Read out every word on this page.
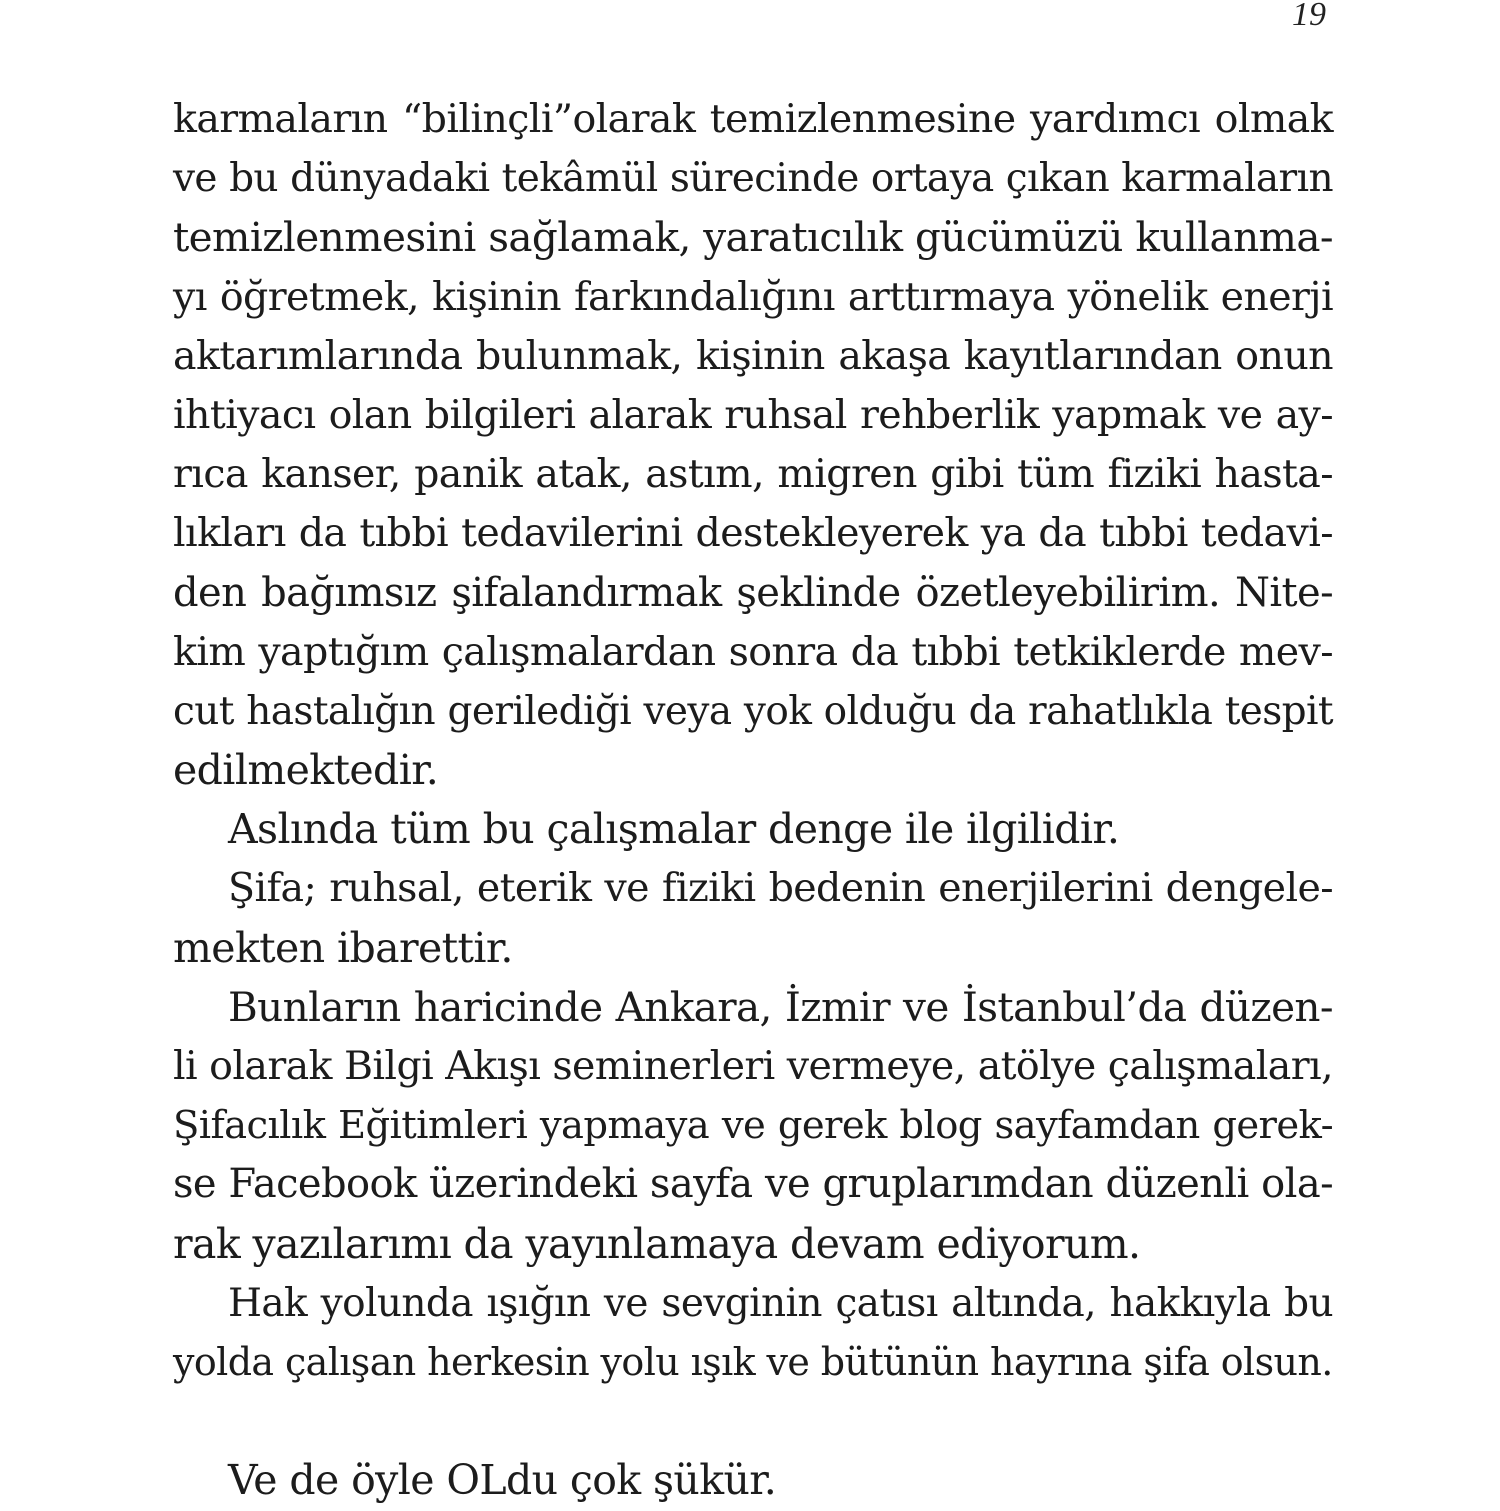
19
karmaların “bilinçli”olarak temizlenmesine yardımcı olmak
ve bu dünyadaki tekâmül sürecinde ortaya çıkan karmaların
temizlenmesini sağlamak, yaratıcılık gücümüzü kullanma-
yı öğretmek, kişinin farkındalığını arttırmaya yönelik enerji
aktarımlarında bulunmak, kişinin akaşa kayıtlarından onun
ihtiyacı olan bilgileri alarak ruhsal rehberlik yapmak ve ay-
rıca kanser, panik atak, astım, migren gibi tüm fiziki hasta-
lıkları da tıbbi tedavilerini destekleyerek ya da tıbbi tedavi-
den bağımsız şifalandırmak şeklinde özetleyebilirim. Nite-
kim yaptığım çalışmalardan sonra da tıbbi tetkiklerde mev-
cut hastalığın gerilediği veya yok olduğu da rahatlıkla tespit
edilmektedir.
Aslında tüm bu çalışmalar denge ile ilgilidir.
Şifa; ruhsal, eterik ve fiziki bedenin enerjilerini dengele-
mekten ibarettir.
Bunların haricinde Ankara, İzmir ve İstanbul’da düzen-
li olarak Bilgi Akışı seminerleri vermeye, atölye çalışmaları,
Şifacılık Eğitimleri yapmaya ve gerek blog sayfamdan gerek-
se Facebook üzerindeki sayfa ve gruplarımdan düzenli ola-
rak yazılarımı da yayınlamaya devam ediyorum.
Hak yolunda ışığın ve sevginin çatısı altında, hakkıyla bu
yolda çalışan herkesin yolu ışık ve bütünün hayrına şifa olsun.
Ve de öyle OLdu çok şükür.
